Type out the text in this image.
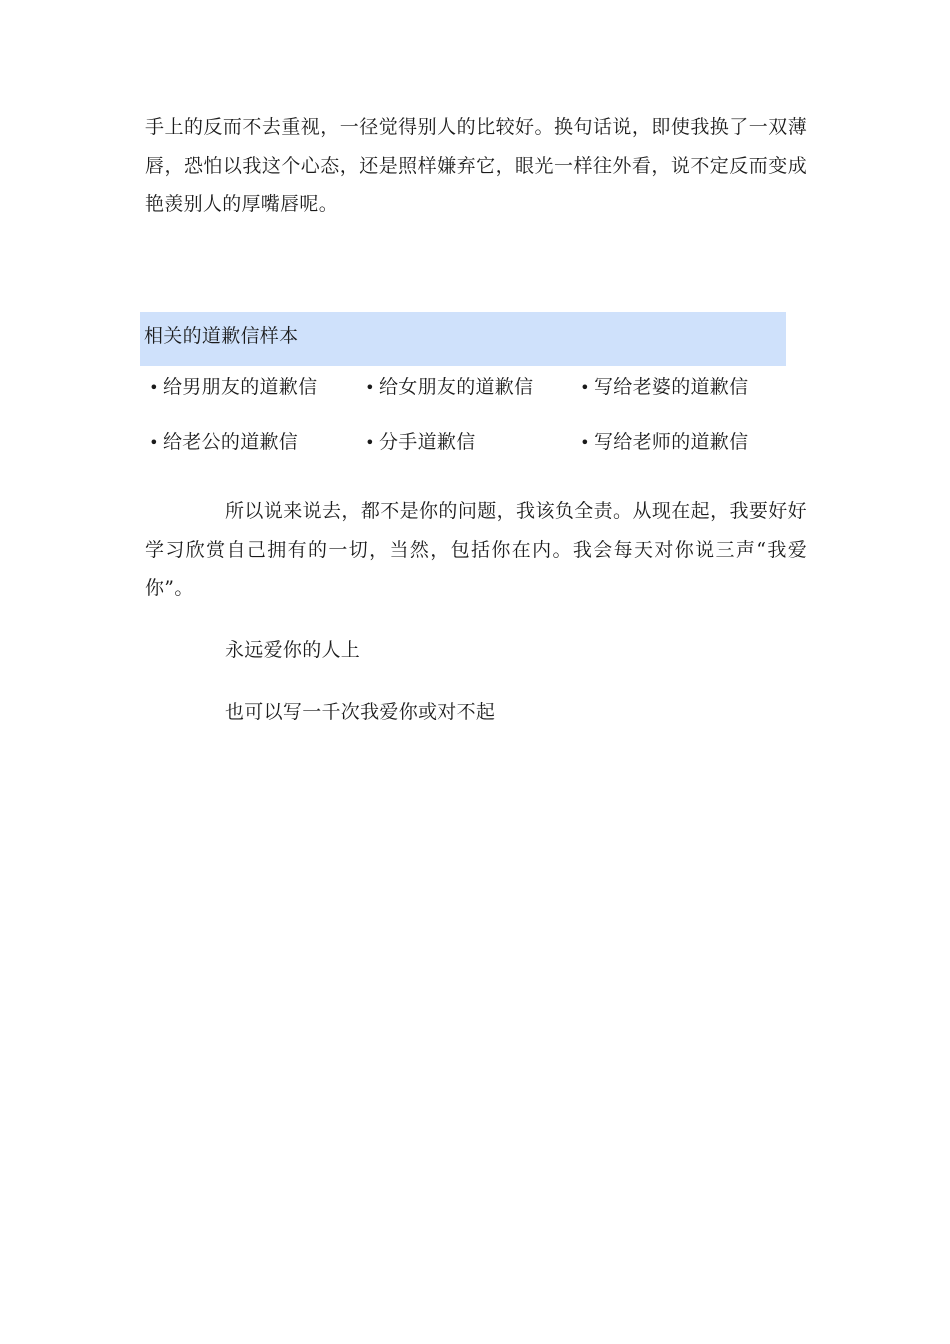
手上的反而不去重视，一径觉得别人的比较好。换句话说，即使我换了一双薄唇，恐怕以我这个心态，还是照样嫌弃它，眼光一样往外看，说不定反而变成艳羡别人的厚嘴唇呢。

相关的道歉信样本

• 给男朋友的道歉信	• 给女朋友的道歉信	• 写给老婆的道歉信
• 给老公的道歉信	• 分手道歉信	• 写给老师的道歉信

所以说来说去，都不是你的问题，我该负全责。从现在起，我要好好学习欣赏自己拥有的一切，当然，包括你在内。我会每天对你说三声“我爱你”。

永远爱你的人上

也可以写一千次我爱你或对不起
